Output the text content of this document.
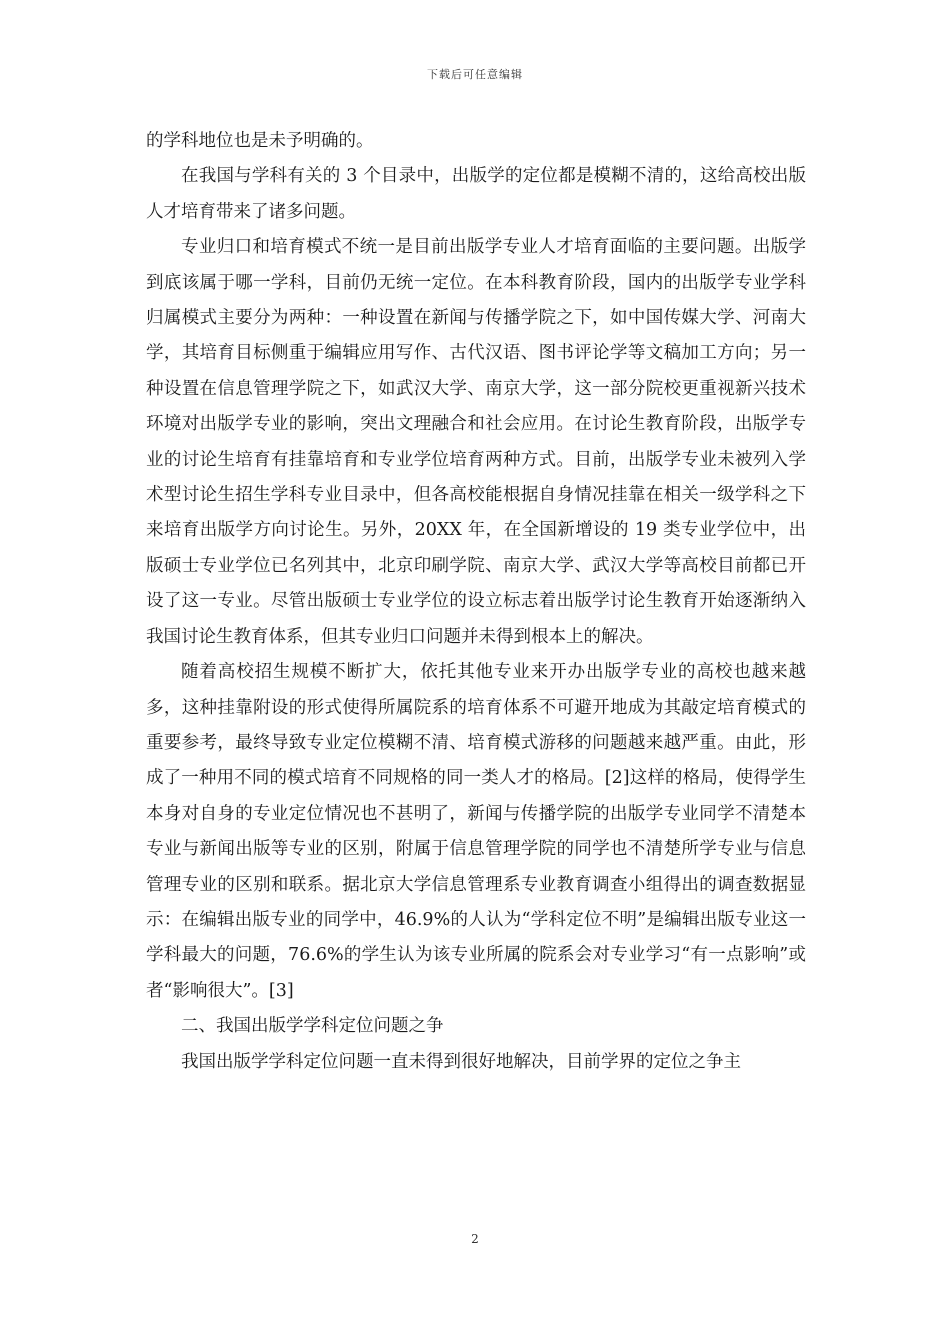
下载后可任意编辑

的学科地位也是未予明确的。

在我国与学科有关的 3 个目录中，出版学的定位都是模糊不清的，这给高校出版人才培育带来了诸多问题。

专业归口和培育模式不统一是目前出版学专业人才培育面临的主要问题。出版学到底该属于哪一学科，目前仍无统一定位。在本科教育阶段，国内的出版学专业学科归属模式主要分为两种：一种设置在新闻与传播学院之下，如中国传媒大学、河南大学，其培育目标侧重于编辑应用写作、古代汉语、图书评论学等文稿加工方向；另一种设置在信息管理学院之下，如武汉大学、南京大学，这一部分院校更重视新兴技术环境对出版学专业的影响，突出文理融合和社会应用。在讨论生教育阶段，出版学专业的讨论生培育有挂靠培育和专业学位培育两种方式。目前，出版学专业未被列入学术型讨论生招生学科专业目录中，但各高校能根据自身情况挂靠在相关一级学科之下来培育出版学方向讨论生。另外，20XX 年，在全国新增设的 19 类专业学位中，出版硕士专业学位已名列其中，北京印刷学院、南京大学、武汉大学等高校目前都已开设了这一专业。尽管出版硕士专业学位的设立标志着出版学讨论生教育开始逐渐纳入我国讨论生教育体系，但其专业归口问题并未得到根本上的解决。

随着高校招生规模不断扩大，依托其他专业来开办出版学专业的高校也越来越多，这种挂靠附设的形式使得所属院系的培育体系不可避开地成为其敲定培育模式的重要参考，最终导致专业定位模糊不清、培育模式游移的问题越来越严重。由此，形成了一种用不同的模式培育不同规格的同一类人才的格局。[2]这样的格局，使得学生本身对自身的专业定位情况也不甚明了，新闻与传播学院的出版学专业同学不清楚本专业与新闻出版等专业的区别，附属于信息管理学院的同学也不清楚所学专业与信息管理专业的区别和联系。据北京大学信息管理系专业教育调查小组得出的调查数据显示：在编辑出版专业的同学中，46.9%的人认为“学科定位不明”是编辑出版专业这一学科最大的问题，76.6%的学生认为该专业所属的院系会对专业学习“有一点影响”或者“影响很大”。[3]

二、我国出版学学科定位问题之争

我国出版学学科定位问题一直未得到很好地解决，目前学界的定位之争主

2
